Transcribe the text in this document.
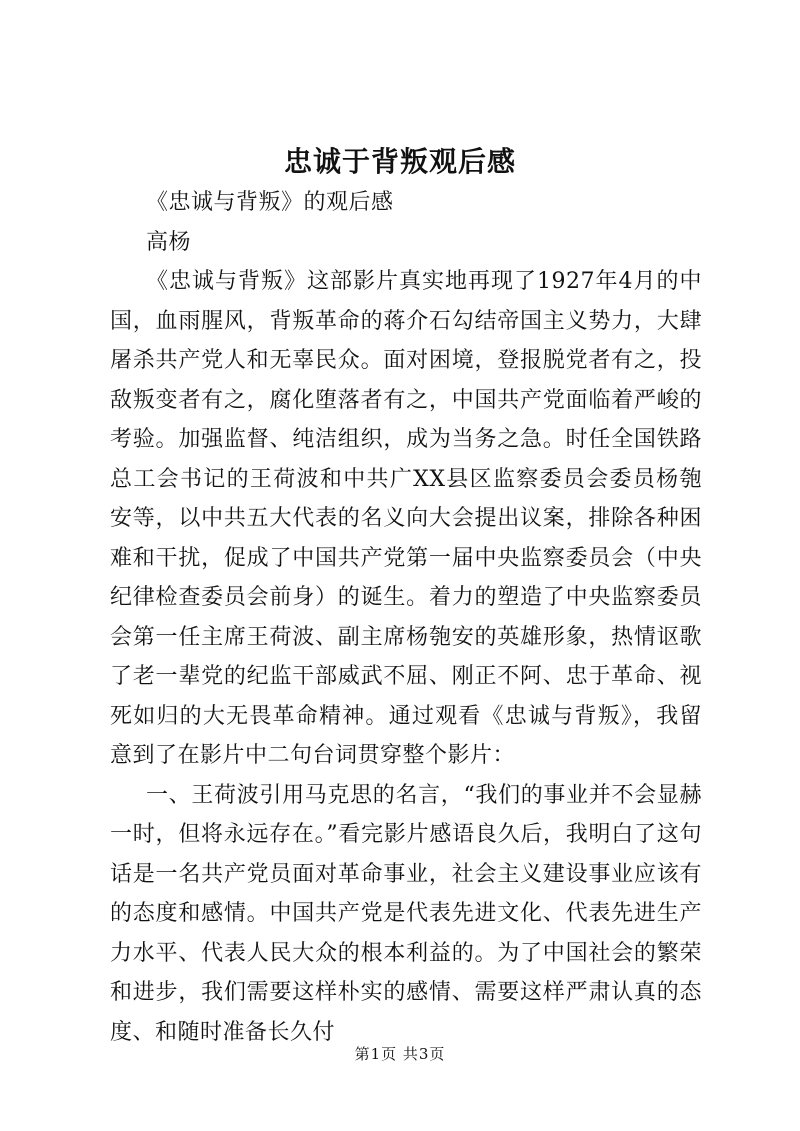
忠诚于背叛观后感

《忠诚与背叛》的观后感

高杨

《忠诚与背叛》这部影片真实地再现了1927年4月的中国，血雨腥风，背叛革命的蒋介石勾结帝国主义势力，大肆屠杀共产党人和无辜民众。面对困境，登报脱党者有之，投敌叛变者有之，腐化堕落者有之，中国共产党面临着严峻的考验。加强监督、纯洁组织，成为当务之急。时任全国铁路总工会书记的王荷波和中共广XX县区监察委员会委员杨匏安等，以中共五大代表的名义向大会提出议案，排除各种困难和干扰，促成了中国共产党第一届中央监察委员会（中央纪律检查委员会前身）的诞生。着力的塑造了中央监察委员会第一任主席王荷波、副主席杨匏安的英雄形象，热情讴歌了老一辈党的纪监干部威武不屈、刚正不阿、忠于革命、视死如归的大无畏革命精神。通过观看《忠诚与背叛》，我留意到了在影片中二句台词贯穿整个影片：

一、王荷波引用马克思的名言，“我们的事业并不会显赫一时，但将永远存在。”看完影片感语良久后，我明白了这句话是一名共产党员面对革命事业，社会主义建设事业应该有的态度和感情。中国共产党是代表先进文化、代表先进生产力水平、代表人民大众的根本利益的。为了中国社会的繁荣和进步，我们需要这样朴实的感情、需要这样严肃认真的态度、和随时准备长久付

第1页 共3页
